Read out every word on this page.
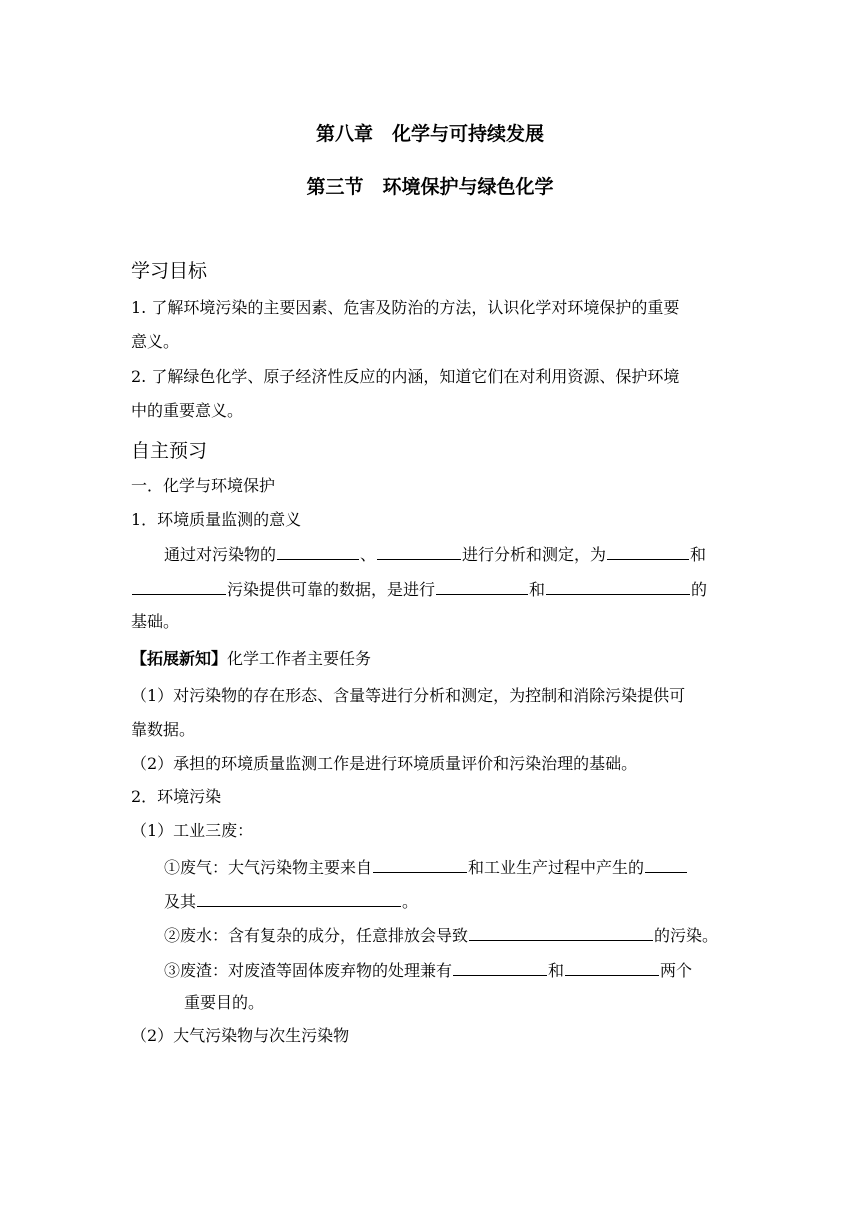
第八章　化学与可持续发展
第三节　环境保护与绿色化学
学习目标
1. 了解环境污染的主要因素、危害及防治的方法，认识化学对环境保护的重要
意义。
2. 了解绿色化学、原子经济性反应的内涵，知道它们在对利用资源、保护环境
中的重要意义。
自主预习
一．化学与环境保护
1．环境质量监测的意义
通过对污染物的	、	进行分析和测定，为	和
污染提供可靠的数据，是进行	和	的
基础。
【拓展新知】化学工作者主要任务
（1）对污染物的存在形态、含量等进行分析和测定，为控制和消除污染提供可
靠数据。
（2）承担的环境质量监测工作是进行环境质量评价和污染治理的基础。
2．环境污染
（1）工业三废：
①废气：大气污染物主要来自	和工业生产过程中产生的
及其	。
②废水：含有复杂的成分，任意排放会导致	的污染。
③废渣：对废渣等固体废弃物的处理兼有	和	两个
重要目的。
（2）大气污染物与次生污染物
